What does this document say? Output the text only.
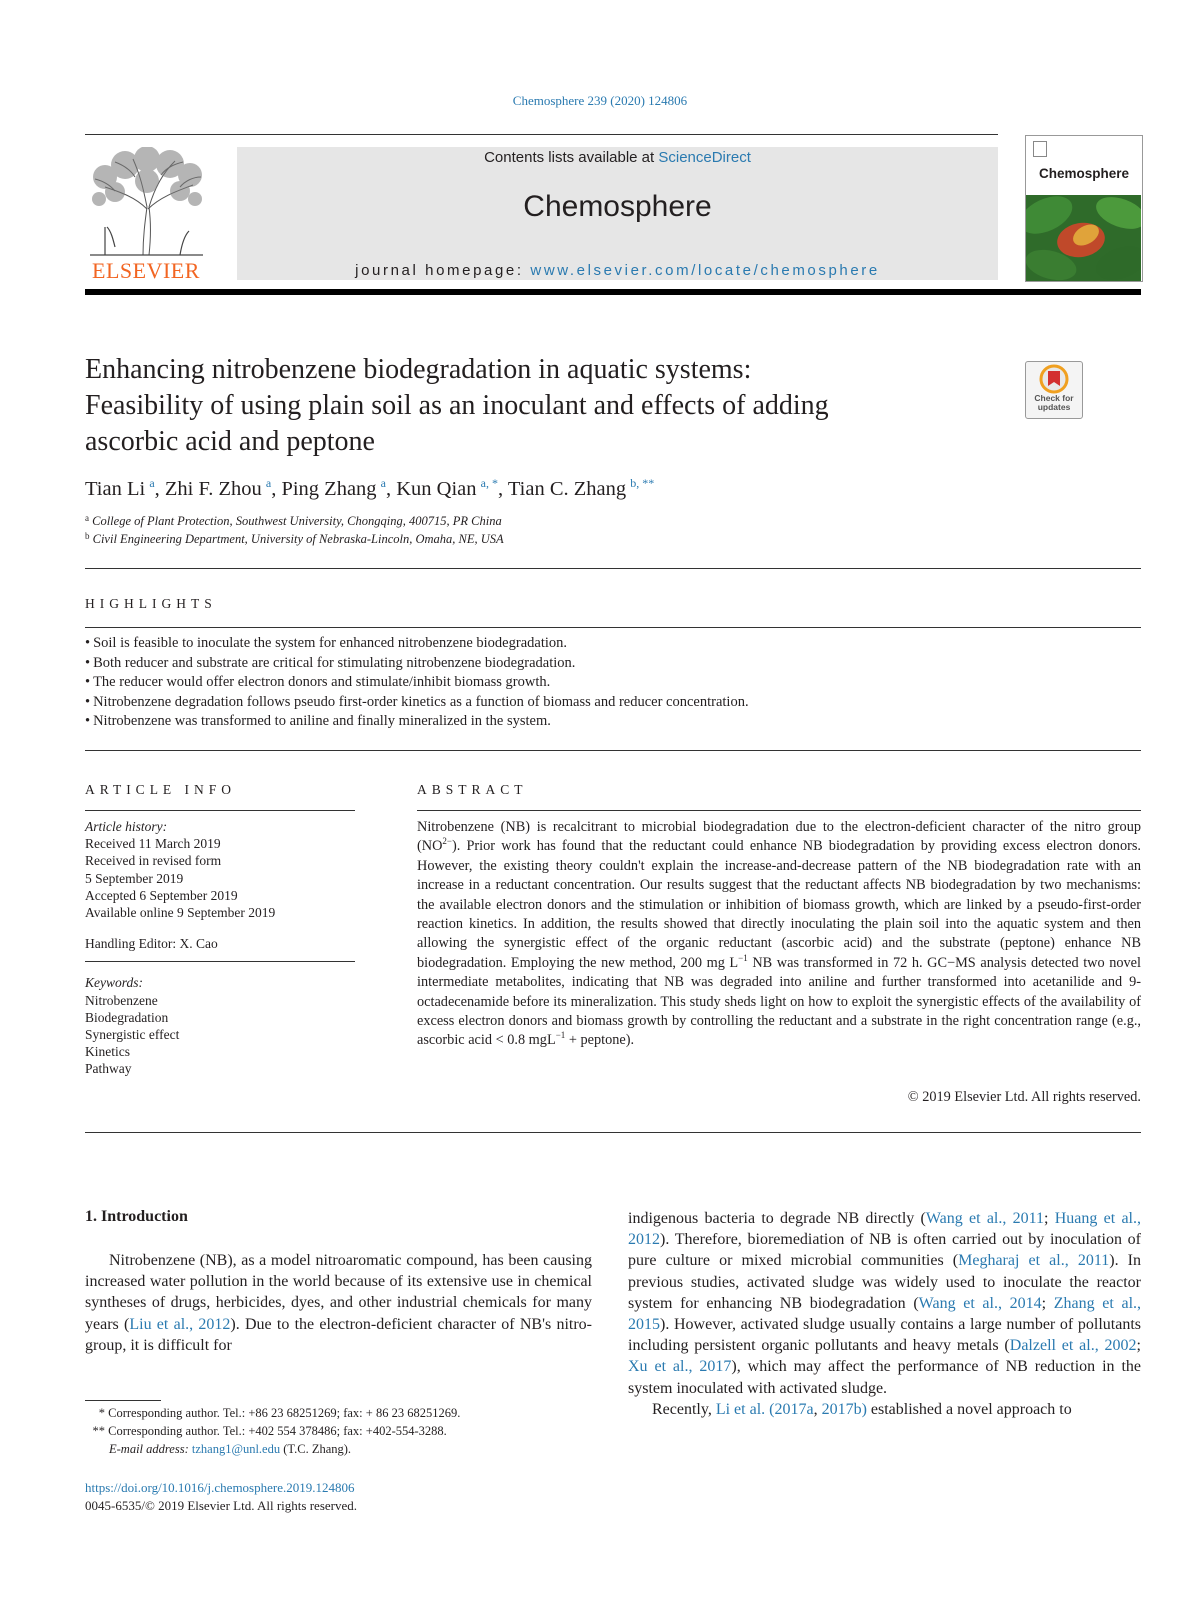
Chemosphere 239 (2020) 124806
ELSEVIER
Contents lists available at ScienceDirect
Chemosphere
journal homepage: www.elsevier.com/locate/chemosphere
Chemosphere
Enhancing nitrobenzene biodegradation in aquatic systems:
Feasibility of using plain soil as an inoculant and effects of adding
ascorbic acid and peptone
Check for updates
Tian Li  $^a$, Zhi F. Zhou  $^a$, Ping Zhang  $^a$, Kun Qian  $^{a, *}$, Tian C. Zhang  $^{b, **}$
$^a$ College of Plant Protection, Southwest University, Chongqing, 400715, PR China
$^b$ Civil Engineering Department, University of Nebraska-Lincoln, Omaha, NE, USA
HIGHLIGHTS
• Soil is feasible to inoculate the system for enhanced nitrobenzene biodegradation.
• Both reducer and substrate are critical for stimulating nitrobenzene biodegradation.
• The reducer would offer electron donors and stimulate/inhibit biomass growth.
• Nitrobenzene degradation follows pseudo first-order kinetics as a function of biomass and reducer concentration.
• Nitrobenzene was transformed to aniline and finally mineralized in the system.
ARTICLE INFO
Article history:
Received 11 March 2019
Received in revised form
5 September 2019
Accepted 6 September 2019
Available online 9 September 2019
Handling Editor: X. Cao
Keywords:
Nitrobenzene
Biodegradation
Synergistic effect
Kinetics
Pathway
ABSTRACT
Nitrobenzene (NB) is recalcitrant to microbial biodegradation due to the electron-deficient character of the nitro group $(NO^{2-})$. Prior work has found that the reductant could enhance NB biodegradation by providing excess electron donors. However, the existing theory couldn't explain the increase-and-decrease pattern of the NB biodegradation rate with an increase in a reductant concentration. Our results suggest that the reductant affects NB biodegradation by two mechanisms: the available electron donors and the stimulation or inhibition of biomass growth, which are linked by a pseudo-first-order reaction kinetics. In addition, the results showed that directly inoculating the plain soil into the aquatic system and then allowing the synergistic effect of the organic reductant (ascorbic acid) and the substrate (peptone) enhance NB biodegradation. Employing the new method, 200 mg $L^{-1}$ NB was transformed in 72 h. GC−MS analysis detected two novel intermediate metabolites, indicating that NB was degraded into aniline and further transformed into acetanilide and 9-octadecenamide before its mineralization. This study sheds light on how to exploit the synergistic effects of the availability of excess electron donors and biomass growth by controlling the reductant and a substrate in the right concentration range (e.g., ascorbic acid < 0.8 mgL$^{-1}$ + peptone).
© 2019 Elsevier Ltd. All rights reserved.
1. Introduction
Nitrobenzene (NB), as a model nitroaromatic compound, has been causing increased water pollution in the world because of its extensive use in chemical syntheses of drugs, herbicides, dyes, and other industrial chemicals for many years (Liu et al., 2012). Due to the electron-deficient character of NB's nitro-group, it is difficult for
indigenous bacteria to degrade NB directly (Wang et al., 2011; Huang et al., 2012). Therefore, bioremediation of NB is often carried out by inoculation of pure culture or mixed microbial communities (Megharaj et al., 2011). In previous studies, activated sludge was widely used to inoculate the reactor system for enhancing NB biodegradation (Wang et al., 2014; Zhang et al., 2015). However, activated sludge usually contains a large number of pollutants including persistent organic pollutants and heavy metals (Dalzell et al., 2002; Xu et al., 2017), which may affect the performance of NB reduction in the system inoculated with activated sludge.
Recently, Li et al. (2017a, 2017b) established a novel approach to
* Corresponding author. Tel.: +86 23 68251269; fax: + 86 23 68251269.
** Corresponding author. Tel.: +402 554 378486; fax: +402-554-3288.
E-mail address: tzhang1@unl.edu (T.C. Zhang).
https://doi.org/10.1016/j.chemosphere.2019.124806
0045-6535/© 2019 Elsevier Ltd. All rights reserved.
